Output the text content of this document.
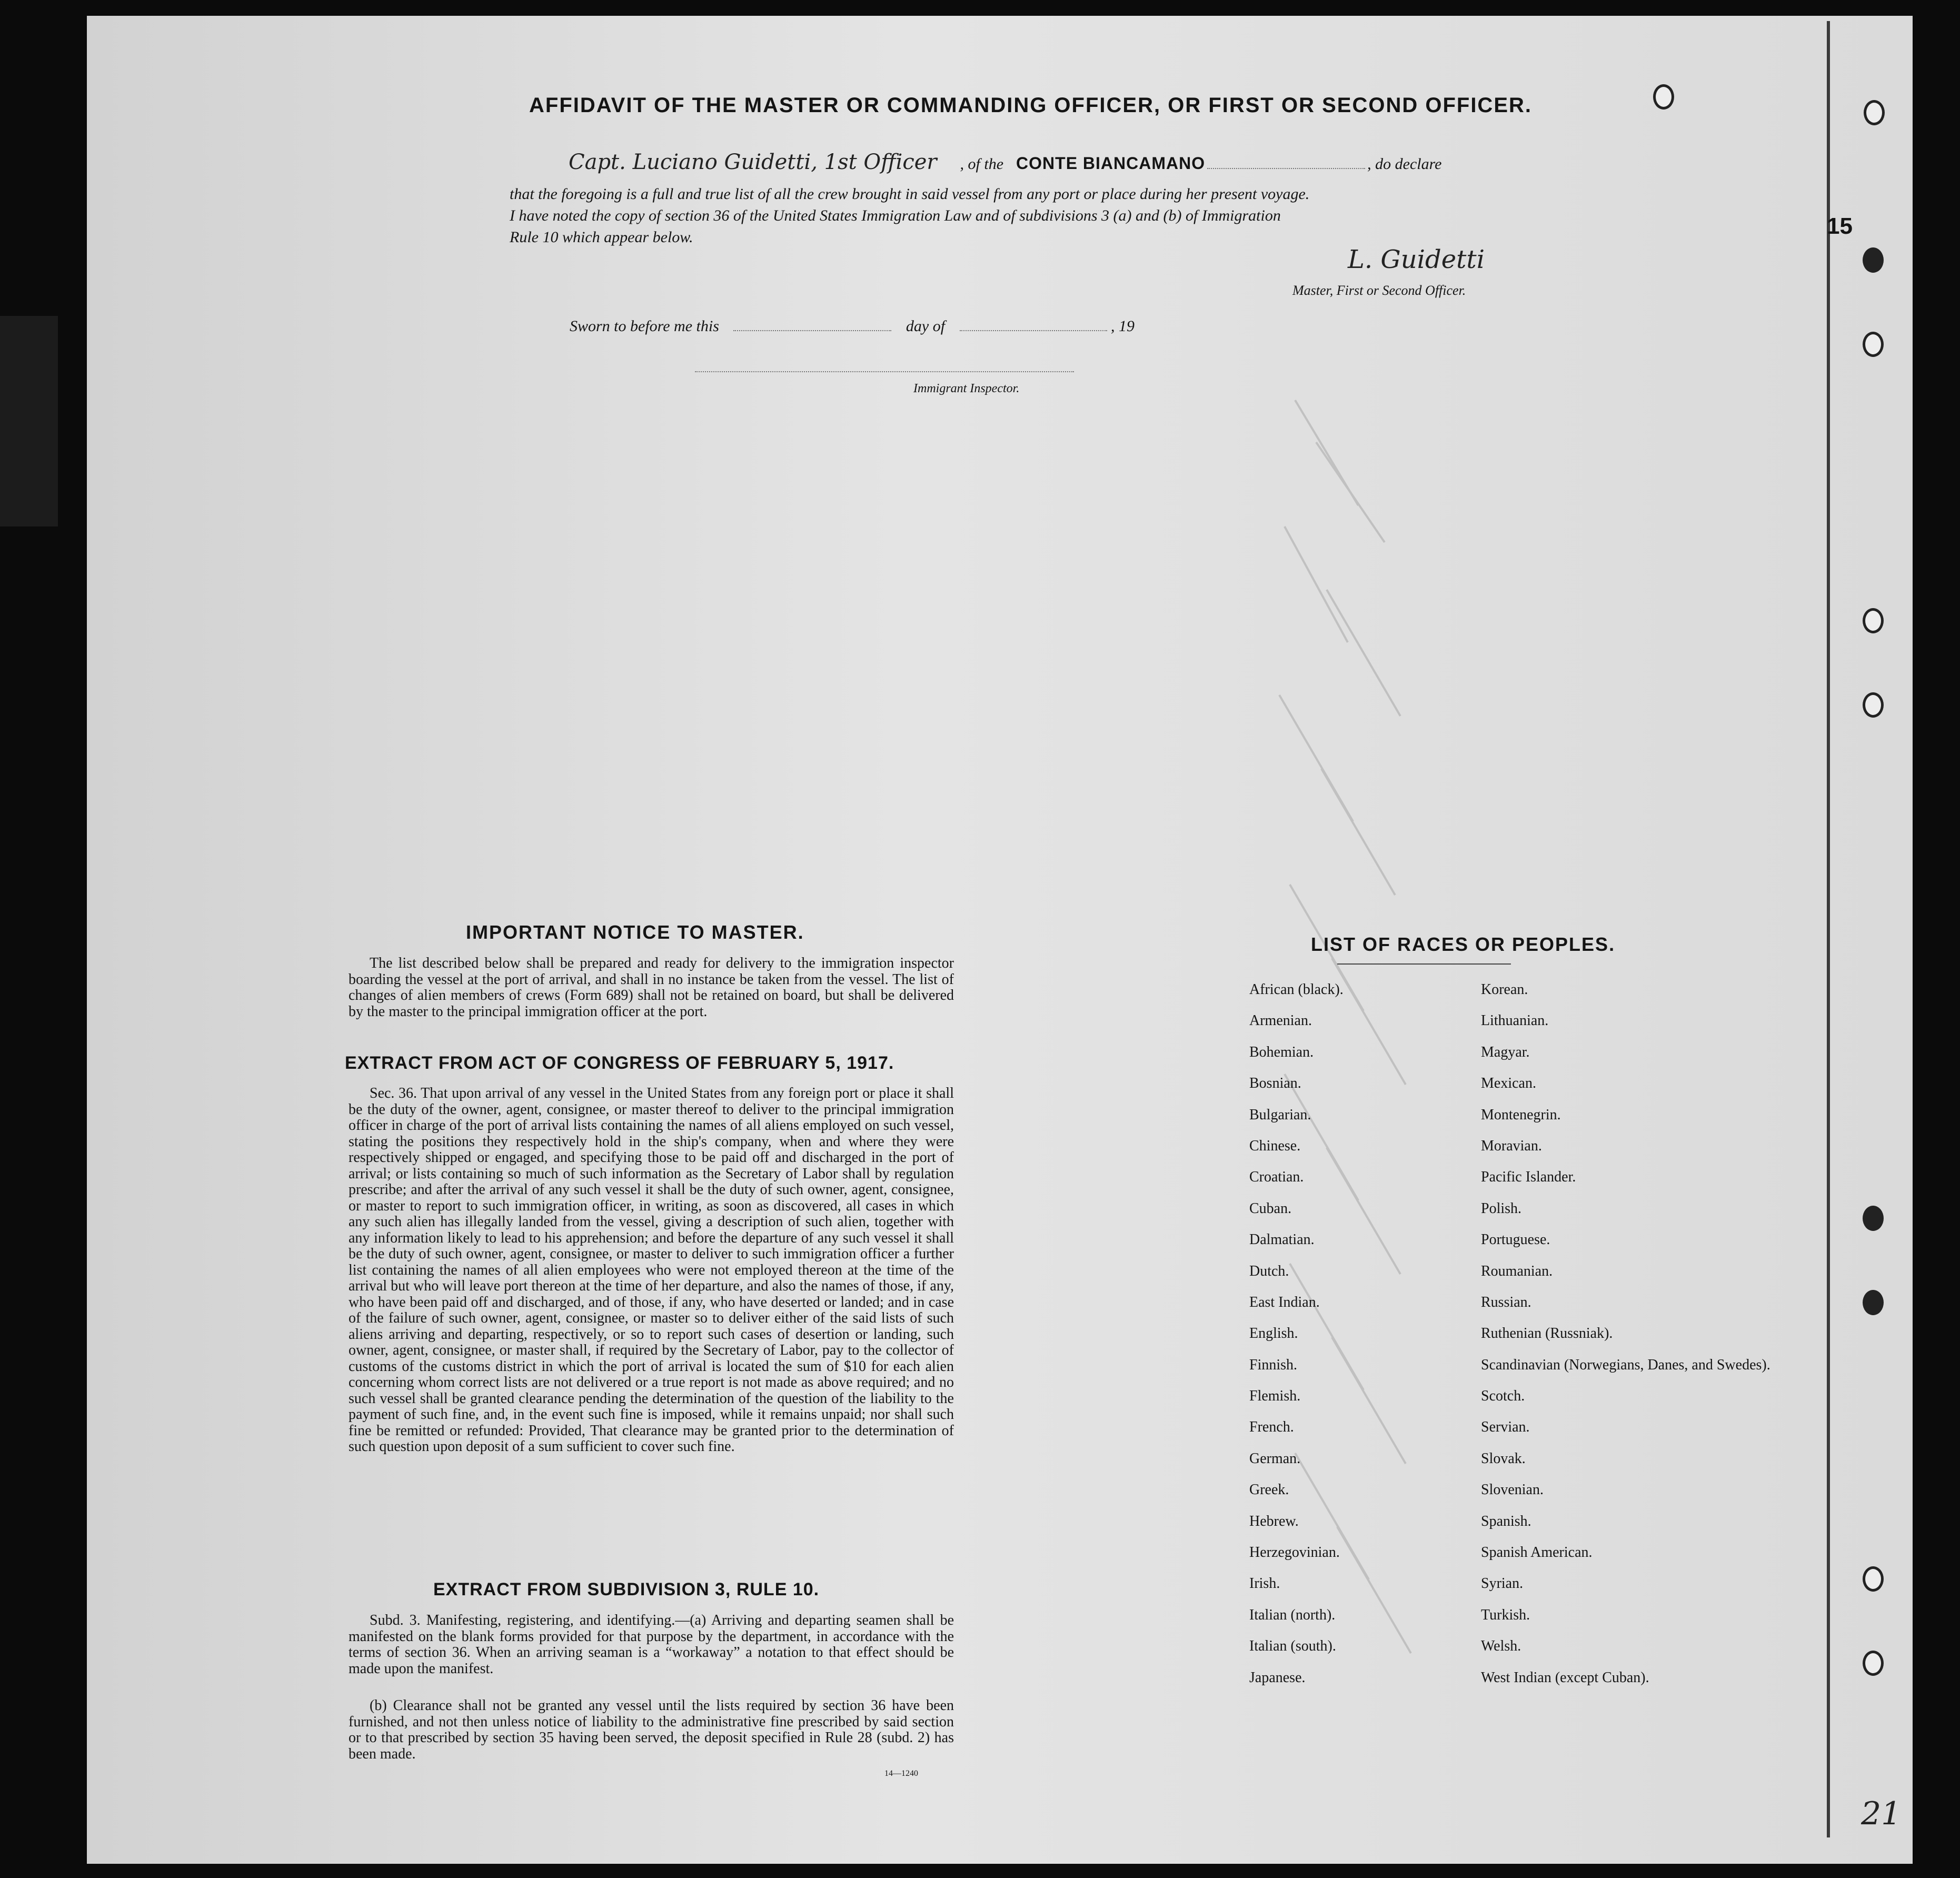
AFFIDAVIT OF THE MASTER OR COMMANDING OFFICER, OR FIRST OR SECOND OFFICER.
Capt. Luciano Guidetti, 1st Officer , of the CONTE BIANCAMANO	, do declare
that the foregoing is a full and true list of all the crew brought in said vessel from any port or place during her present voyage.
I have noted the copy of section 36 of the United States Immigration Law and of subdivisions 3 (a) and (b) of Immigration
Rule 10 which appear below.
L. Guidetti
Master, First or Second Officer.
Sworn to before me this	day of	, 19
Immigrant Inspector.
IMPORTANT NOTICE TO MASTER.
The list described below shall be prepared and ready for delivery to the immigration inspector boarding the vessel at the port of arrival, and shall in no instance be taken from the vessel. The list of changes of alien members of crews (Form 689) shall not be retained on board, but shall be delivered by the master to the principal immigration officer at the port.
EXTRACT FROM ACT OF CONGRESS OF FEBRUARY 5, 1917.
Sec. 36. That upon arrival of any vessel in the United States from any foreign port or place it shall be the duty of the owner, agent, consignee, or master thereof to deliver to the principal immigration officer in charge of the port of arrival lists containing the names of all aliens employed on such vessel, stating the positions they respectively hold in the ship's company, when and where they were respectively shipped or engaged, and specifying those to be paid off and discharged in the port of arrival; or lists containing so much of such information as the Secretary of Labor shall by regulation prescribe; and after the arrival of any such vessel it shall be the duty of such owner, agent, consignee, or master to report to such immigration officer, in writing, as soon as discovered, all cases in which any such alien has illegally landed from the vessel, giving a description of such alien, together with any information likely to lead to his apprehension; and before the departure of any such vessel it shall be the duty of such owner, agent, consignee, or master to deliver to such immigration officer a further list containing the names of all alien employees who were not employed thereon at the time of the arrival but who will leave port thereon at the time of her departure, and also the names of those, if any, who have been paid off and discharged, and of those, if any, who have deserted or landed; and in case of the failure of such owner, agent, consignee, or master so to deliver either of the said lists of such aliens arriving and departing, respectively, or so to report such cases of desertion or landing, such owner, agent, consignee, or master shall, if required by the Secretary of Labor, pay to the collector of customs of the customs district in which the port of arrival is located the sum of $10 for each alien concerning whom correct lists are not delivered or a true report is not made as above required; and no such vessel shall be granted clearance pending the determination of the question of the liability to the payment of such fine, and, in the event such fine is imposed, while it remains unpaid; nor shall such fine be remitted or refunded: Provided, That clearance may be granted prior to the determination of such question upon deposit of a sum sufficient to cover such fine.
EXTRACT FROM SUBDIVISION 3, RULE 10.
Subd. 3. Manifesting, registering, and identifying.—(a) Arriving and departing seamen shall be manifested on the blank forms provided for that purpose by the department, in accordance with the terms of section 36. When an arriving seaman is a “workaway” a notation to that effect should be made upon the manifest.
(b) Clearance shall not be granted any vessel until the lists required by section 36 have been furnished, and not then unless notice of liability to the administrative fine prescribed by said section or to that prescribed by section 35 having been served, the deposit specified in Rule 28 (subd. 2) has been made.
14—1240
LIST OF RACES OR PEOPLES.
African (black).
Armenian.
Bohemian.
Bosnian.
Bulgarian.
Chinese.
Croatian.
Cuban.
Dalmatian.
Dutch.
East Indian.
English.
Finnish.
Flemish.
French.
German.
Greek.
Hebrew.
Herzegovinian.
Irish.
Italian (north).
Italian (south).
Japanese.
Korean.
Lithuanian.
Magyar.
Mexican.
Montenegrin.
Moravian.
Pacific Islander.
Polish.
Portuguese.
Roumanian.
Russian.
Ruthenian (Russniak).
Scandinavian (Norwegians, Danes, and Swedes).
Scotch.
Servian.
Slovak.
Slovenian.
Spanish.
Spanish American.
Syrian.
Turkish.
Welsh.
West Indian (except Cuban).
15
21
